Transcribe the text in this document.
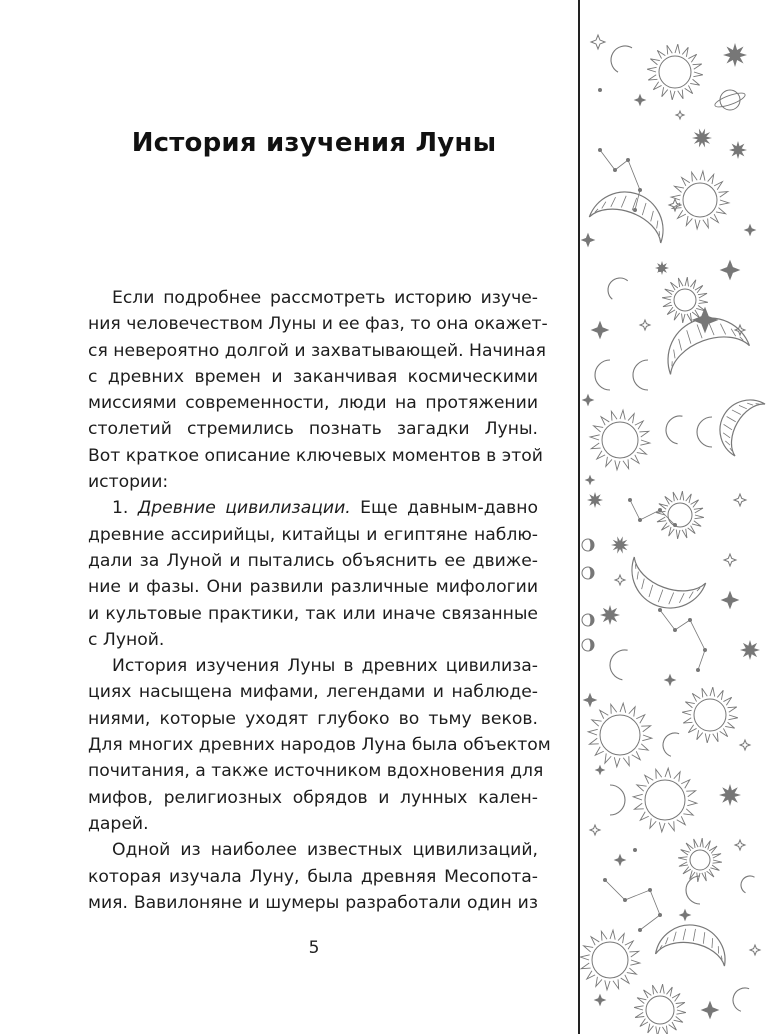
История изучения Луны
Если подробнее рассмотреть историю изуче-
ния человечеством Луны и ее фаз, то она окажет-
ся невероятно долгой и захватывающей. Начиная
с древних времен и заканчивая космическими
миссиями современности, люди на протяжении
столетий стремились познать загадки Луны.
Вот краткое описание ключевых моментов в этой
истории:
1. Древние цивилизации. Еще давным-давно
древние ассирийцы, китайцы и египтяне наблю-
дали за Луной и пытались объяснить ее движе-
ние и фазы. Они развили различные мифологии
и культовые практики, так или иначе связанные
с Луной.
История изучения Луны в древних цивилиза-
циях насыщена мифами, легендами и наблюде-
ниями, которые уходят глубоко во тьму веков.
Для многих древних народов Луна была объектом
почитания, а также источником вдохновения для
мифов, религиозных обрядов и лунных кален-
дарей.
Одной из наиболее известных цивилизаций,
которая изучала Луну, была древняя Месопота-
мия. Вавилоняне и шумеры разработали один из
5
